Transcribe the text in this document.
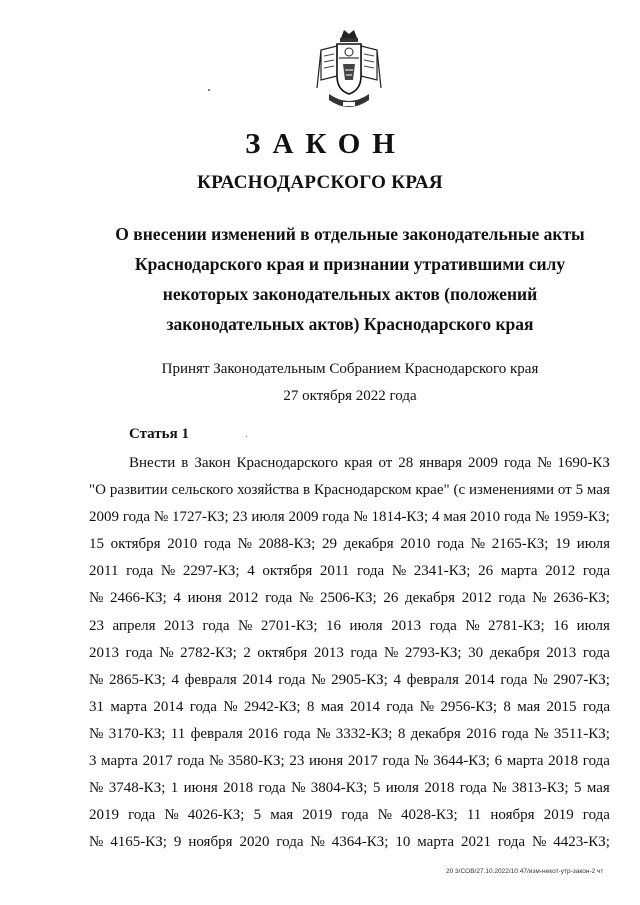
ЗАКОН
КРАСНОДАРСКОГО КРАЯ
О внесении изменений в отдельные законодательные акты
Краснодарского края и признании утратившими силу
некоторых законодательных актов (положений
законодательных актов) Краснодарского края
Принят Законодательным Собранием Краснодарского края
27 октября 2022 года
Статья 1
Внести в Закон Краснодарского края от 28 января 2009 года № 1690-КЗ
"О развитии сельского хозяйства в Краснодарском крае" (с изменениями от 5 мая
2009 года № 1727-КЗ; 23 июля 2009 года № 1814-КЗ; 4 мая 2010 года № 1959-КЗ;
15 октября 2010 года № 2088-КЗ; 29 декабря 2010 года № 2165-КЗ; 19 июля
2011 года № 2297-КЗ; 4 октября 2011 года № 2341-КЗ; 26 марта 2012 года
№ 2466-КЗ; 4 июня 2012 года № 2506-КЗ; 26 декабря 2012 года № 2636-КЗ;
23 апреля 2013 года № 2701-КЗ; 16 июля 2013 года № 2781-КЗ; 16 июля
2013 года № 2782-КЗ; 2 октября 2013 года № 2793-КЗ; 30 декабря 2013 года
№ 2865-КЗ; 4 февраля 2014 года № 2905-КЗ; 4 февраля 2014 года № 2907-КЗ;
31 марта 2014 года № 2942-КЗ; 8 мая 2014 года № 2956-КЗ; 8 мая 2015 года
№ 3170-КЗ; 11 февраля 2016 года № 3332-КЗ; 8 декабря 2016 года № 3511-КЗ;
3 марта 2017 года № 3580-КЗ; 23 июня 2017 года № 3644-КЗ; 6 марта 2018 года
№ 3748-КЗ; 1 июня 2018 года № 3804-КЗ; 5 июля 2018 года № 3813-КЗ; 5 мая
2019 года № 4026-КЗ; 5 мая 2019 года № 4028-КЗ; 11 ноября 2019 года
№ 4165-КЗ; 9 ноября 2020 года № 4364-КЗ; 10 марта 2021 года № 4423-КЗ;
20 3/COB/27.10.2022/10:47/изм-некот-утр-закон-2 чт
